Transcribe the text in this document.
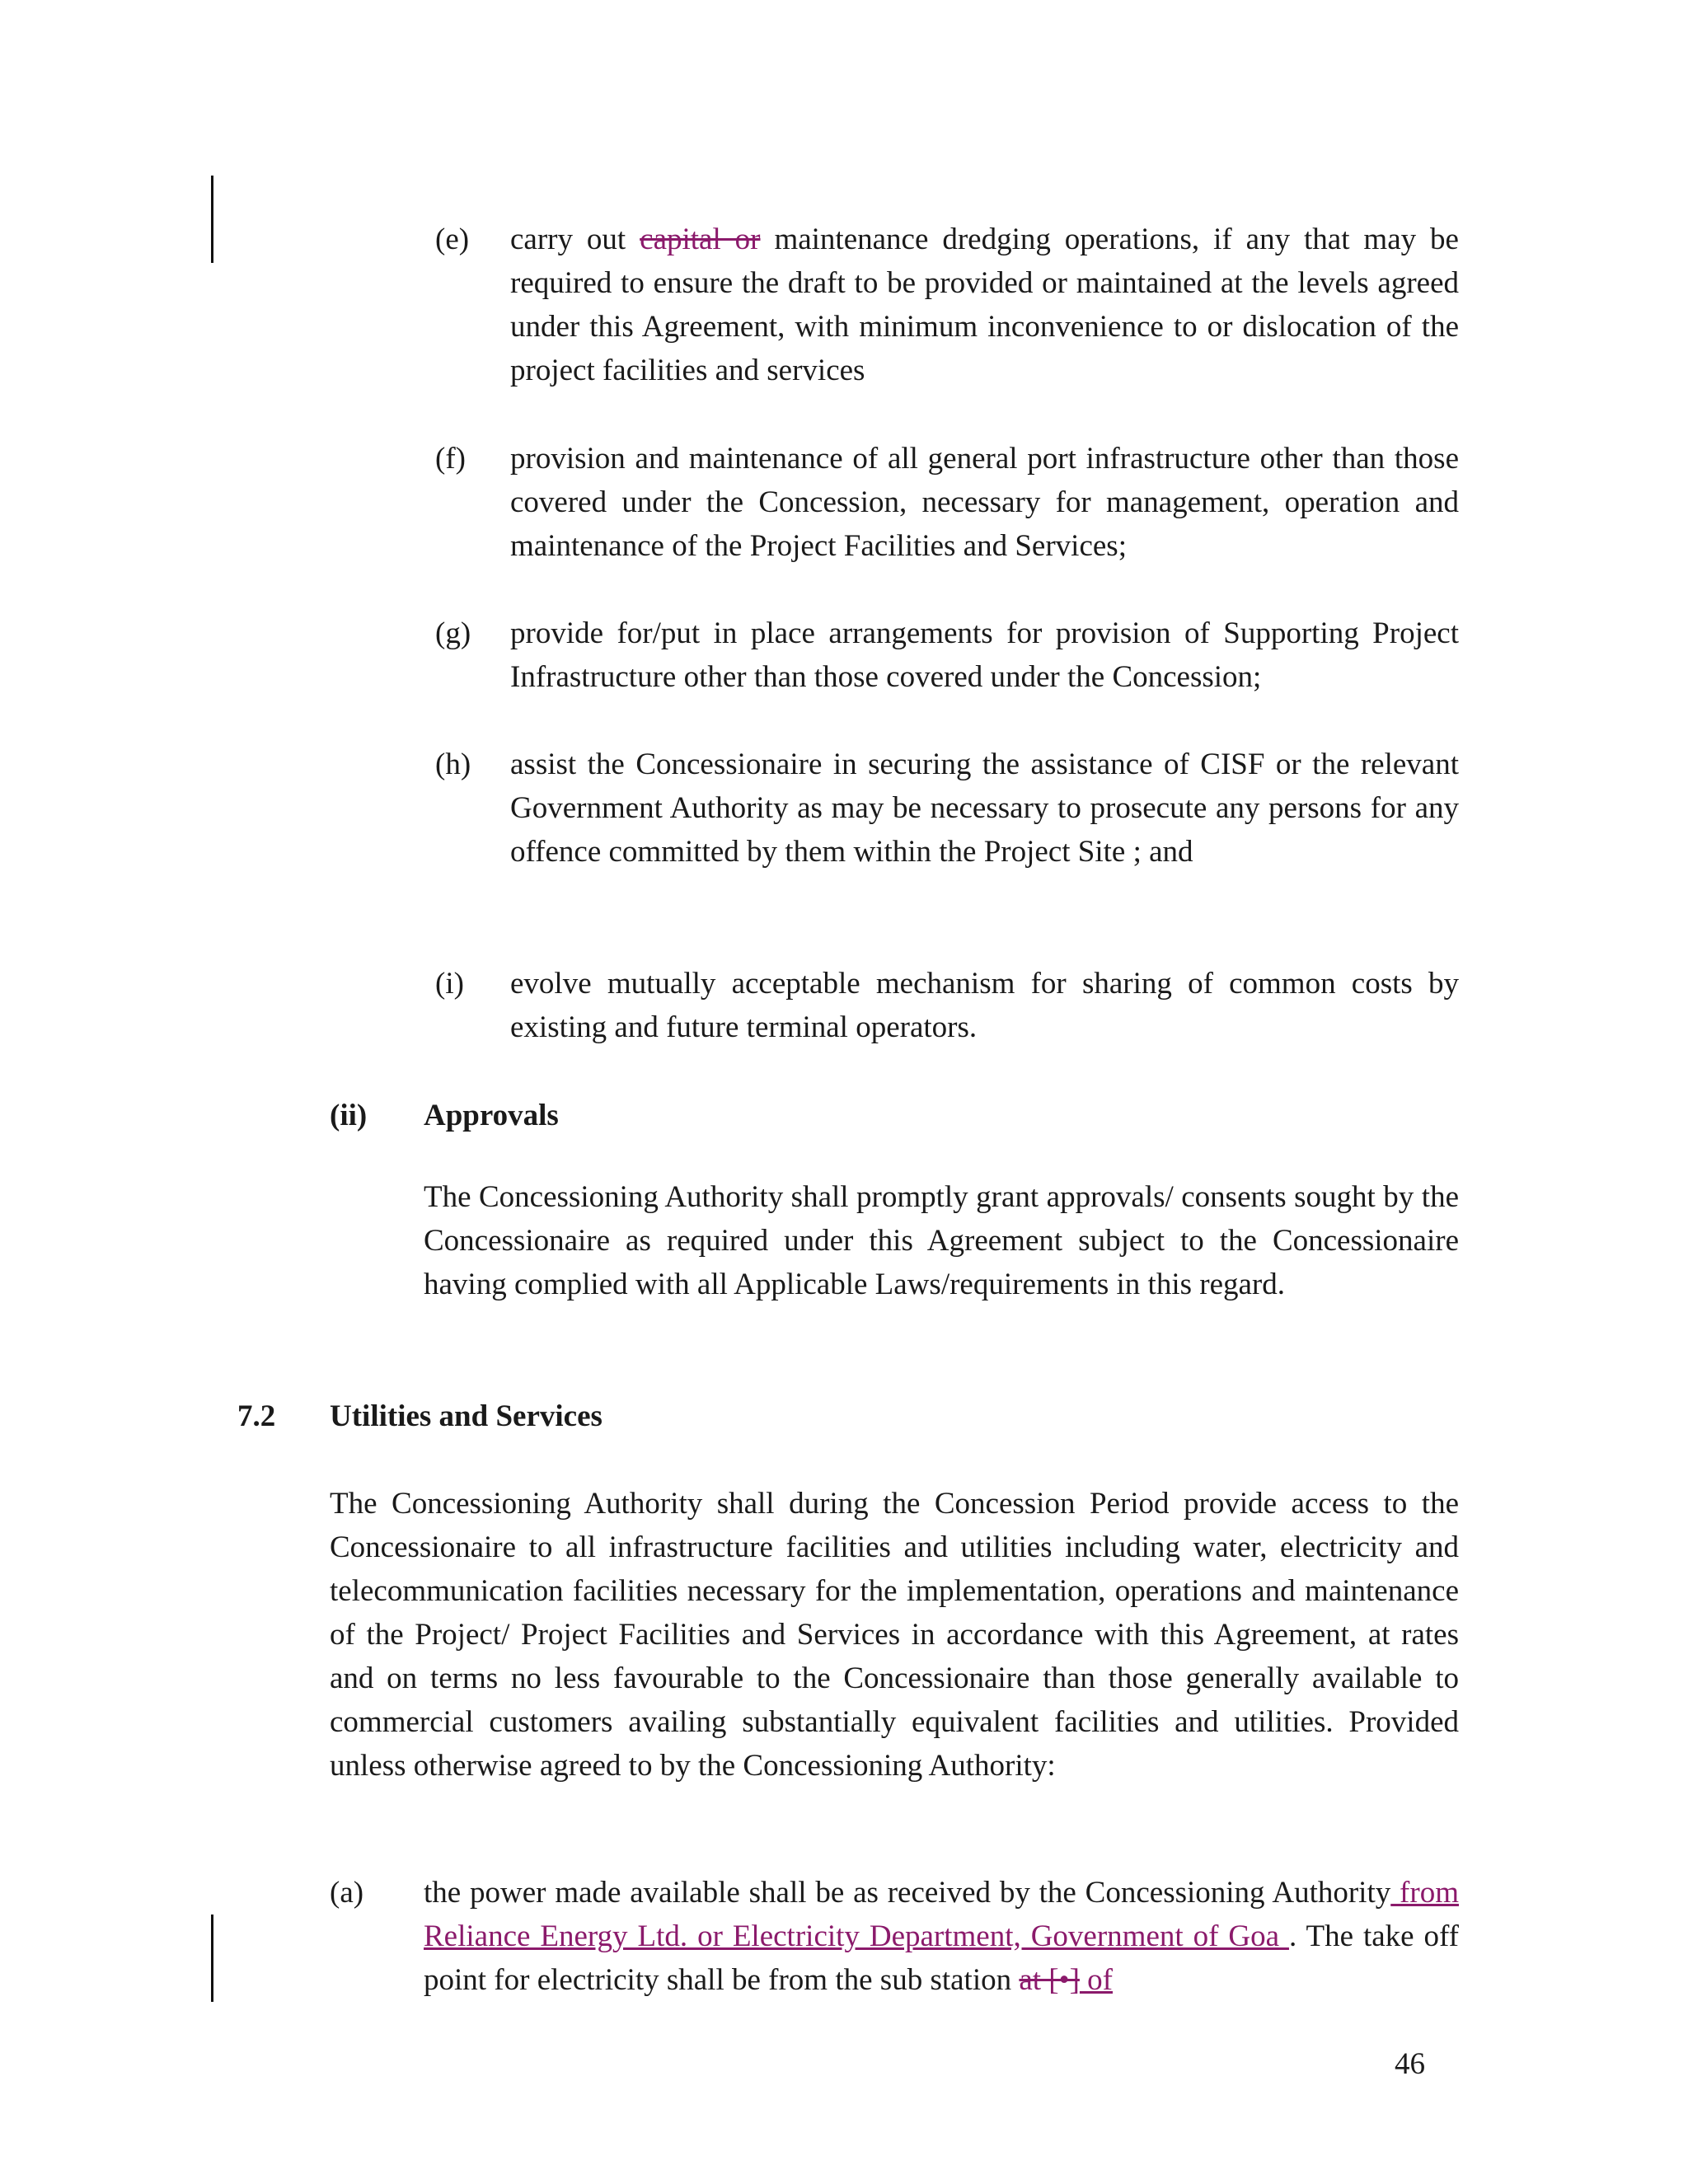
(e) carry out capital or maintenance dredging operations, if any that may be required to ensure the draft to be provided or maintained at the levels agreed under this Agreement, with minimum inconvenience to or dislocation of the project facilities and services

(f) provision and maintenance of all general port infrastructure other than those covered under the Concession, necessary for management, operation and maintenance of the Project Facilities and Services;

(g) provide for/put in place arrangements for provision of Supporting Project Infrastructure other than those covered under the Concession;

(h) assist the Concessionaire in securing the assistance of CISF or the relevant Government Authority as may be necessary to prosecute any persons for any offence committed by them within the Project Site ; and

(i) evolve mutually acceptable mechanism for sharing of common costs by existing and future terminal operators.

(ii) Approvals

The Concessioning Authority shall promptly grant approvals/ consents sought by the Concessionaire as required under this Agreement subject to the Concessionaire having complied with all Applicable Laws/requirements in this regard.

7.2 Utilities and Services

The Concessioning Authority shall during the Concession Period provide access to the Concessionaire to all infrastructure facilities and utilities including water, electricity and telecommunication facilities necessary for the implementation, operations and maintenance of the Project/ Project Facilities and Services in accordance with this Agreement, at rates and on terms no less favourable to the Concessionaire than those generally available to commercial customers availing substantially equivalent facilities and utilities. Provided unless otherwise agreed to by the Concessioning Authority:

(a) the power made available shall be as received by the Concessioning Authority from Reliance Energy Ltd. or Electricity Department, Government of Goa . The take off point for electricity shall be from the sub station at [•] of

46
